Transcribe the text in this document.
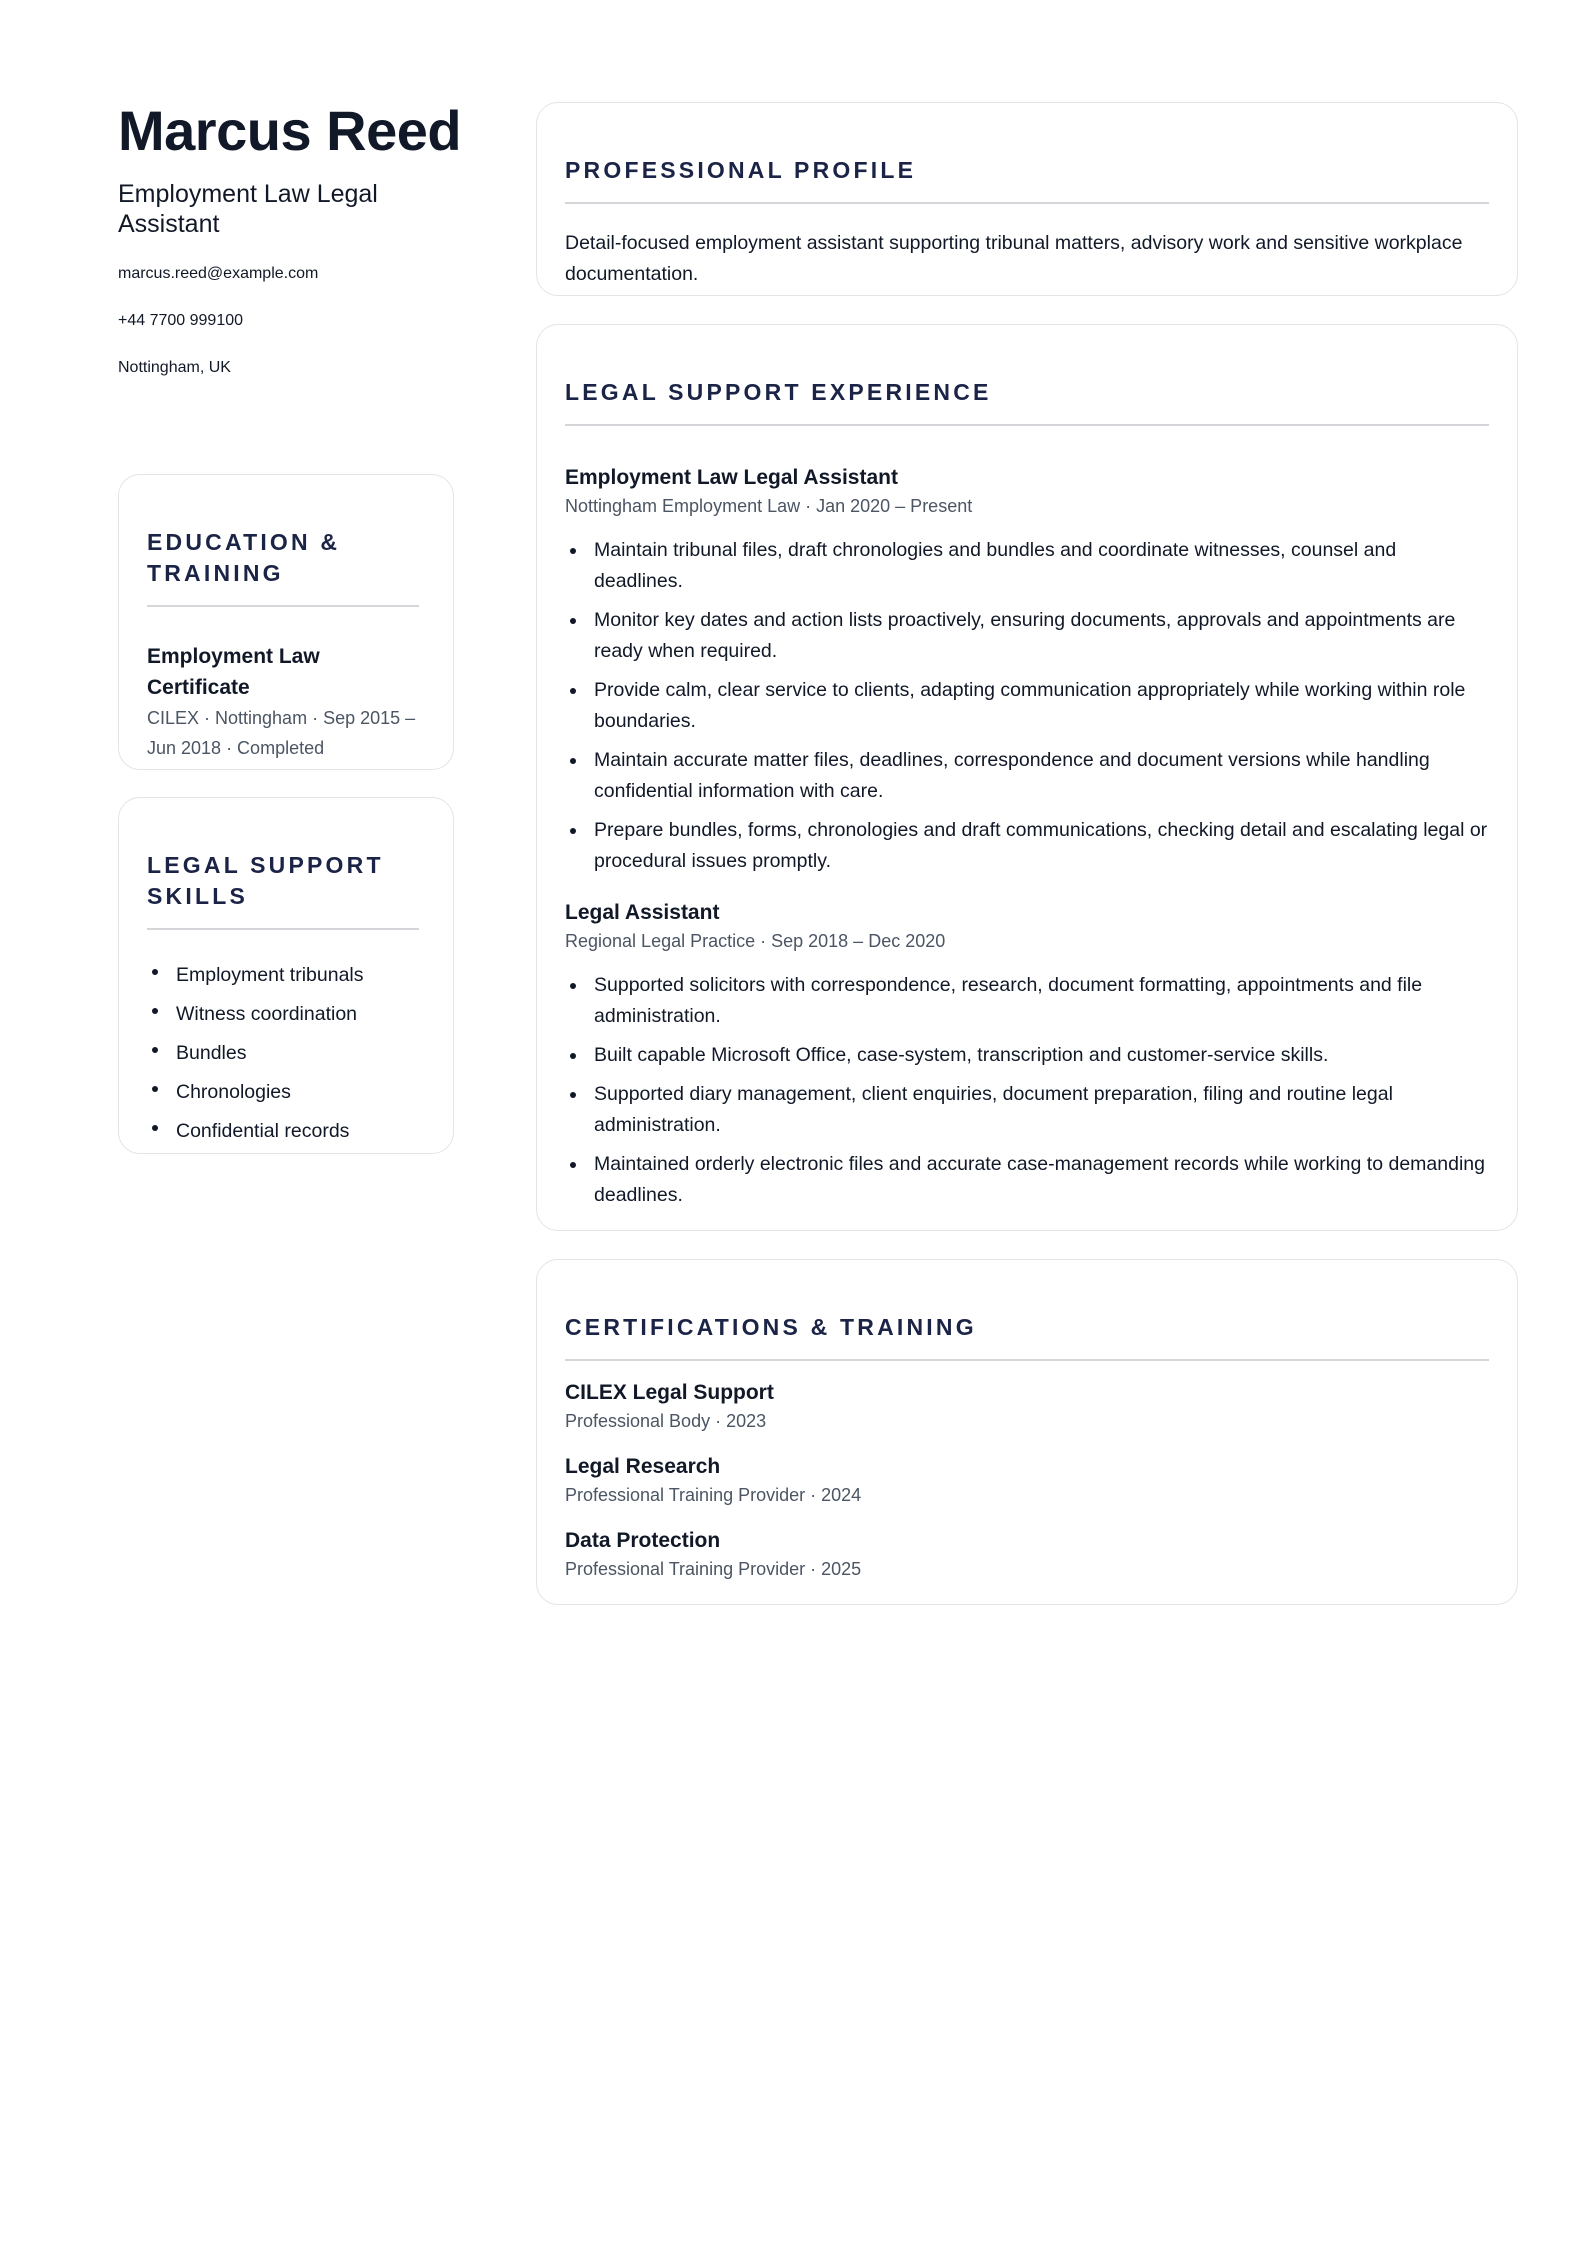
Marcus Reed
Employment Law Legal Assistant
marcus.reed@example.com
+44 7700 999100
Nottingham, UK
EDUCATION & TRAINING
Employment Law Certificate
CILEX · Nottingham · Sep 2015 – Jun 2018 · Completed
LEGAL SUPPORT SKILLS
Employment tribunals
Witness coordination
Bundles
Chronologies
Confidential records
PROFESSIONAL PROFILE
Detail-focused employment assistant supporting tribunal matters, advisory work and sensitive workplace documentation.
LEGAL SUPPORT EXPERIENCE
Employment Law Legal Assistant
Nottingham Employment Law · Jan 2020 – Present
Maintain tribunal files, draft chronologies and bundles and coordinate witnesses, counsel and deadlines.
Monitor key dates and action lists proactively, ensuring documents, approvals and appointments are ready when required.
Provide calm, clear service to clients, adapting communication appropriately while working within role boundaries.
Maintain accurate matter files, deadlines, correspondence and document versions while handling confidential information with care.
Prepare bundles, forms, chronologies and draft communications, checking detail and escalating legal or procedural issues promptly.
Legal Assistant
Regional Legal Practice · Sep 2018 – Dec 2020
Supported solicitors with correspondence, research, document formatting, appointments and file administration.
Built capable Microsoft Office, case-system, transcription and customer-service skills.
Supported diary management, client enquiries, document preparation, filing and routine legal administration.
Maintained orderly electronic files and accurate case-management records while working to demanding deadlines.
CERTIFICATIONS & TRAINING
CILEX Legal Support
Professional Body · 2023
Legal Research
Professional Training Provider · 2024
Data Protection
Professional Training Provider · 2025
